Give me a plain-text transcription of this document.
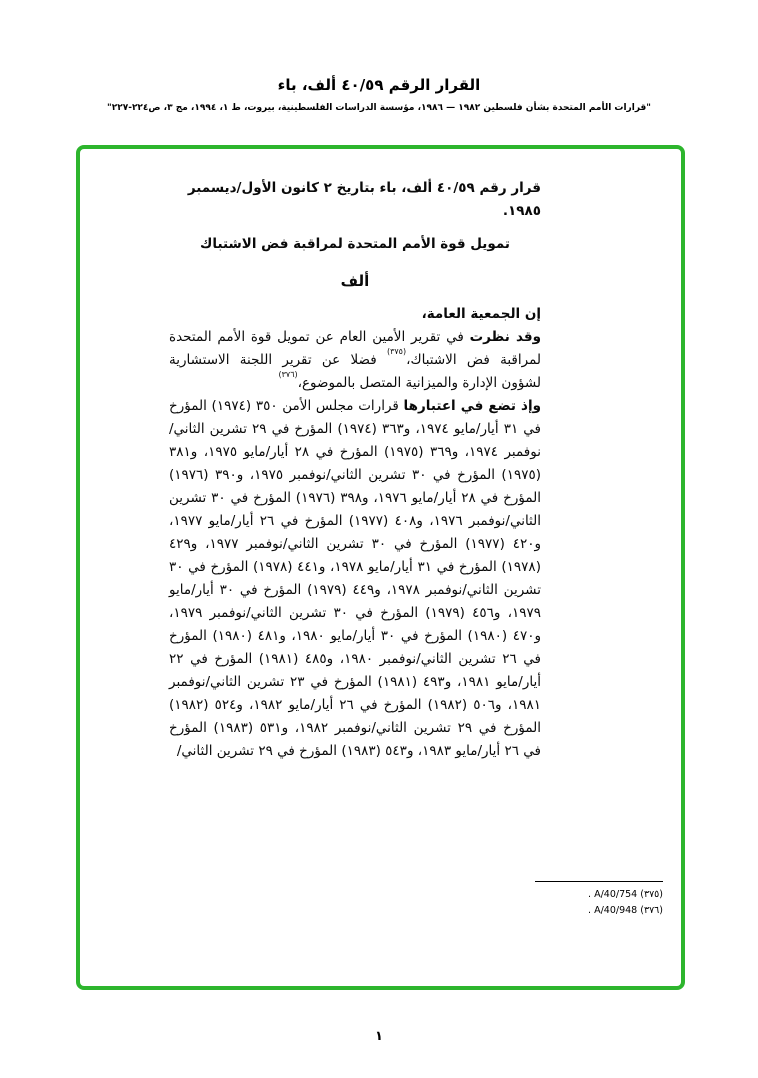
القرار الرقم ٤٠/٥٩ ألف، باء
"قرارات الأمم المتحدة بشأن فلسطين ١٩٨٢ — ١٩٨٦، مؤسسة الدراسات الفلسطينية، بيروت، ط ١، ١٩٩٤، مج ٣، ص٢٢٤-٢٢٧"

قرار رقم ٤٠/٥٩ ألف، باء بتاريخ ٢ كانون الأول/ديسمبر ١٩٨٥.

تمويل قوة الأمم المتحدة لمراقبة فض الاشتباك

ألف

إن الجمعية العامة،

وقد نظرت في تقرير الأمين العام عن تمويل قوة الأمم المتحدة لمراقبة فض الاشتباك،$^{(٣٧٥)}$ فضلا عن تقرير اللجنة الاستشارية لشؤون الإدارة والميزانية المتصل بالموضوع،$^{(٣٧٦)}$

وإذ تضع في اعتبارها قرارات مجلس الأمن ٣٥٠ (١٩٧٤) المؤرخ في ٣١ أيار/مايو ١٩٧٤، و٣٦٣ (١٩٧٤) المؤرخ في ٢٩ تشرين الثاني/نوفمبر ١٩٧٤، و٣٦٩ (١٩٧٥) المؤرخ في ٢٨ أيار/مايو ١٩٧٥، و٣٨١ (١٩٧٥) المؤرخ في ٣٠ تشرين الثاني/نوفمبر ١٩٧٥، و٣٩٠ (١٩٧٦) المؤرخ في ٢٨ أيار/مايو ١٩٧٦، و٣٩٨ (١٩٧٦) المؤرخ في ٣٠ تشرين الثاني/نوفمبر ١٩٧٦، و٤٠٨ (١٩٧٧) المؤرخ في ٢٦ أيار/مايو ١٩٧٧، و٤٢٠ (١٩٧٧) المؤرخ في ٣٠ تشرين الثاني/نوفمبر ١٩٧٧، و٤٢٩ (١٩٧٨) المؤرخ في ٣١ أيار/مايو ١٩٧٨، و٤٤١ (١٩٧٨) المؤرخ في ٣٠ تشرين الثاني/نوفمبر ١٩٧٨، و٤٤٩ (١٩٧٩) المؤرخ في ٣٠ أيار/مايو ١٩٧٩، و٤٥٦ (١٩٧٩) المؤرخ في ٣٠ تشرين الثاني/نوفمبر ١٩٧٩، و٤٧٠ (١٩٨٠) المؤرخ في ٣٠ أيار/مايو ١٩٨٠، و٤٨١ (١٩٨٠) المؤرخ في ٢٦ تشرين الثاني/نوفمبر ١٩٨٠، و٤٨٥ (١٩٨١) المؤرخ في ٢٢ أيار/مايو ١٩٨١، و٤٩٣ (١٩٨١) المؤرخ في ٢٣ تشرين الثاني/نوفمبر ١٩٨١، و٥٠٦ (١٩٨٢) المؤرخ في ٢٦ أيار/مايو ١٩٨٢، و٥٢٤ (١٩٨٢) المؤرخ في ٢٩ تشرين الثاني/نوفمبر ١٩٨٢، و٥٣١ (١٩٨٣) المؤرخ في ٢٦ أيار/مايو ١٩٨٣، و٥٤٣ (١٩٨٣) المؤرخ في ٢٩ تشرين الثاني/

(٣٧٥) A/40/754 .
(٣٧٦) A/40/948 .
١
